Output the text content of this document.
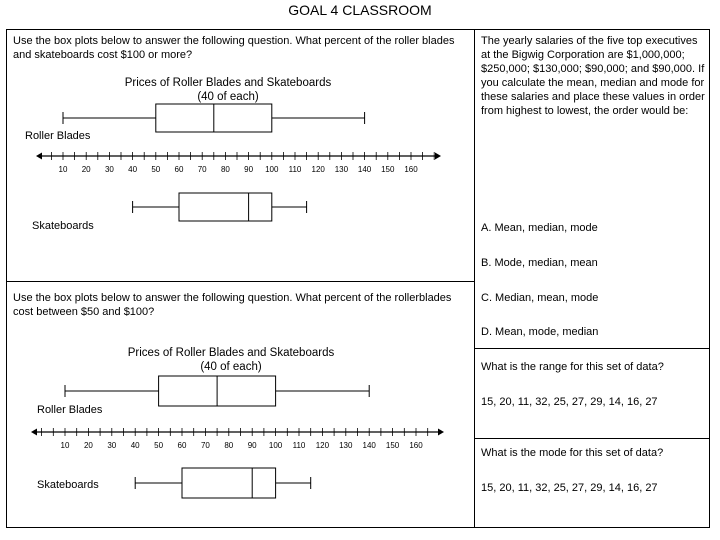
GOAL 4 CLASSROOM
Use the box plots below to answer the following question. What percent of the roller blades and skateboards cost $100 or more?
Prices of Roller Blades and Skateboards
(40 of each)
Roller Blades
Skateboards
Use the box plots below to answer the following question. What percent of the rollerblades cost between $50 and $100?
Prices of Roller Blades and Skateboards
(40 of each)
Roller Blades
Skateboards
The yearly salaries of the five top executives at the Bigwig Corporation are $1,000,000; $250,000; $130,000; $90,000; and $90,000. If you calculate the mean, median and mode for these salaries and place these values in order from highest to lowest, the order would be:
A. Mean, median, mode
B. Mode, median, mean
C. Median, mean, mode
D. Mean, mode, median
What is the range for this set of data?
15, 20, 11, 32, 25, 27, 29, 14, 16, 27
What is the mode for this set of data?
15, 20, 11, 32, 25, 27, 29, 14, 16, 27
10 20 30 40 50 60 70 80 90 100 110 120 130 140 150 160
10 20 30 40 50 60 70 80 90 100 110 120 130 140 150 160
